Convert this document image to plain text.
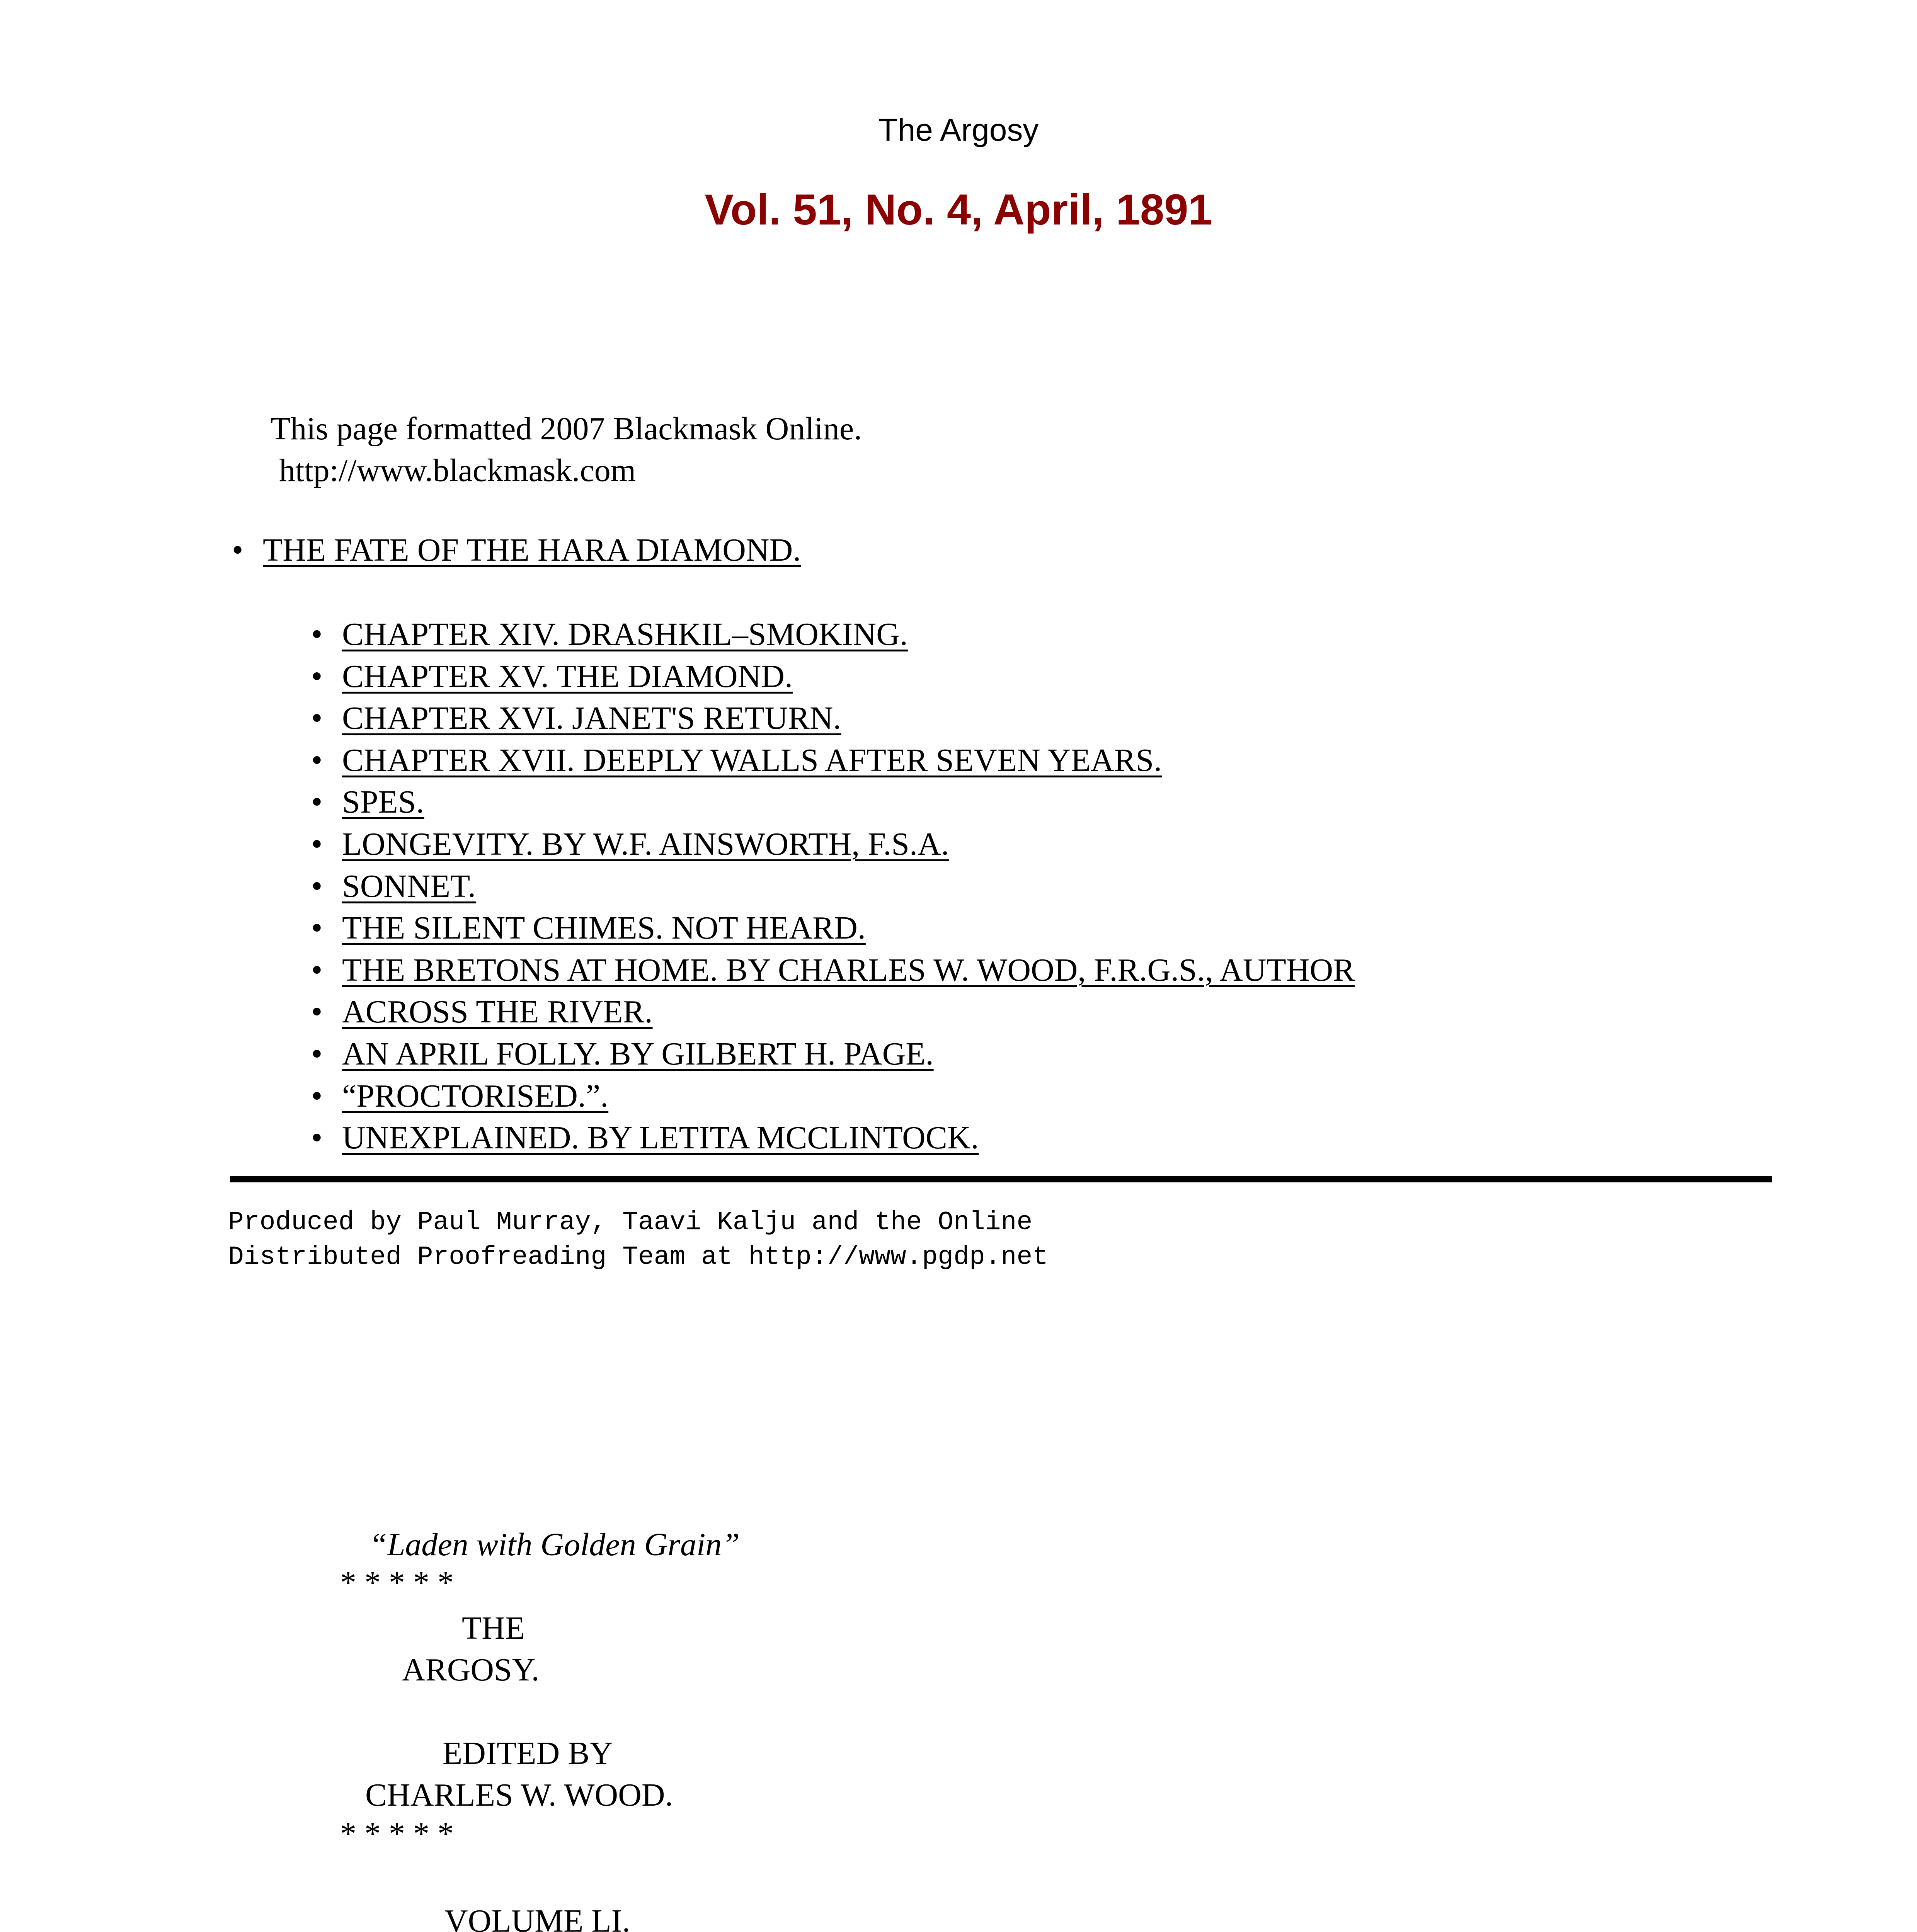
The Argosy
Vol. 51, No. 4, April, 1891
This page formatted 2007 Blackmask Online.
http://www.blackmask.com
• THE FATE OF THE HARA DIAMOND.
• CHAPTER XIV. DRASHKIL–SMOKING.
• CHAPTER XV. THE DIAMOND.
• CHAPTER XVI. JANET'S RETURN.
• CHAPTER XVII. DEEPLY WALLS AFTER SEVEN YEARS.
• SPES.
• LONGEVITY. BY W.F. AINSWORTH, F.S.A.
• SONNET.
• THE SILENT CHIMES. NOT HEARD.
• THE BRETONS AT HOME. BY CHARLES W. WOOD, F.R.G.S., AUTHOR
• ACROSS THE RIVER.
• AN APRIL FOLLY. BY GILBERT H. PAGE.
• “PROCTORISED.”.
• UNEXPLAINED. BY LETITA MCCLINTOCK.
Produced by Paul Murray, Taavi Kalju and the Online
Distributed Proofreading Team at http://www.pgdp.net
“Laden with Golden Grain”
* * * * *
THE
ARGOSY.
EDITED BY
CHARLES W. WOOD.
* * * * *
VOLUME LI.
